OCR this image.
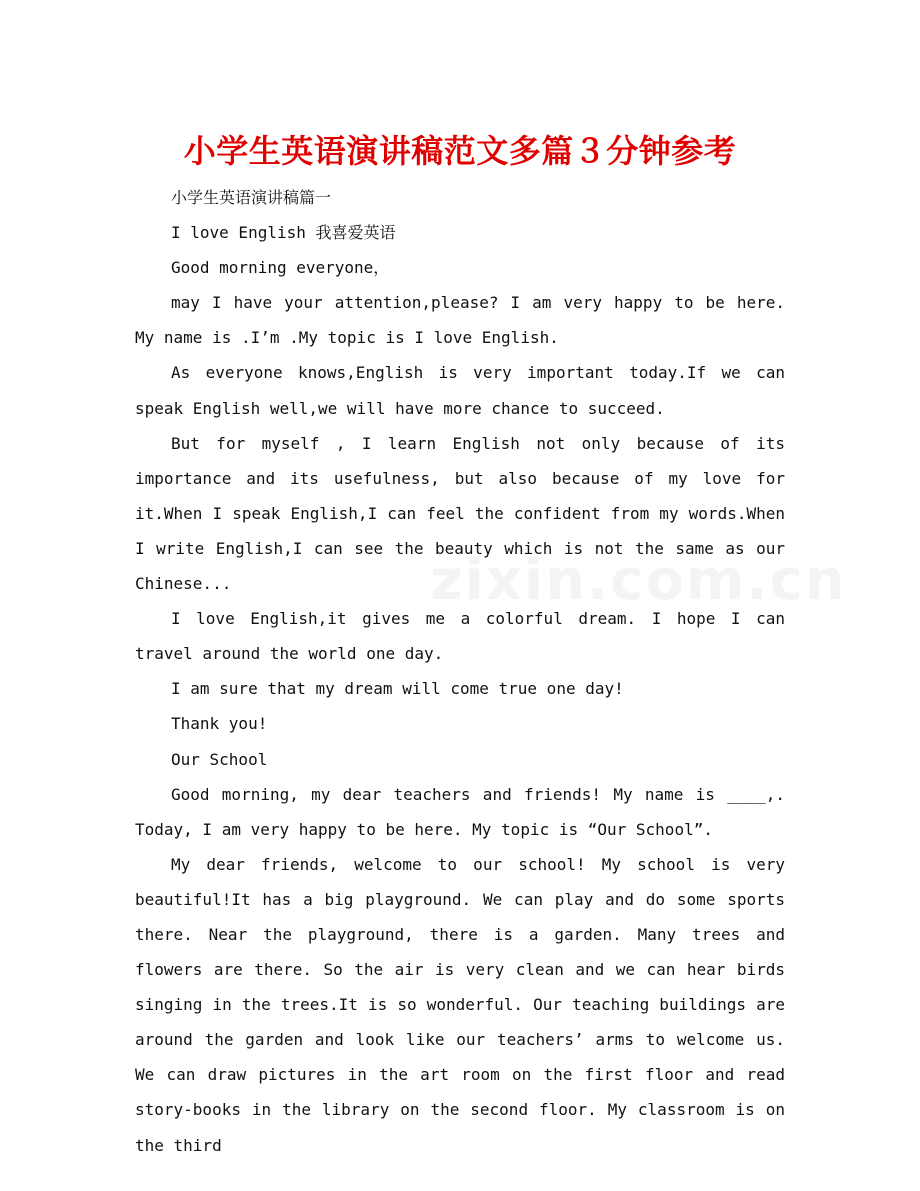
小学生英语演讲稿范文多篇３分钟参考

小学生英语演讲稿篇一

I love English 我喜爱英语

Good morning everyone，

may I have your attention,please? I am very happy to be here. My name is .I’m .My topic is I love English.

As everyone knows,English is very important today.If we can speak English well,we will have more chance to succeed.

But for myself , I learn English not only because of its importance and its usefulness, but also because of my love for it.When I speak English,I can feel the confident from my words.When I write English,I can see the beauty which is not the same as our Chinese...

I love English,it gives me a colorful dream. I hope I can travel around the world one day.

I am sure that my dream will come true one day!

Thank you!

Our School

Good morning, my dear teachers and friends! My name is ____,. Today, I am very happy to be here. My topic is “Our School”.

My dear friends, welcome to our school! My school is very beautiful!It has a big playground. We can play and do some sports there. Near the playground, there is a garden. Many trees and flowers are there. So the air is very clean and we can hear birds singing in the trees.It is so wonderful. Our teaching buildings are around the garden and look like our teachers’ arms to welcome us. We can draw pictures in the art room on the first floor and read story-books in the library on the second floor. My classroom is on the third
